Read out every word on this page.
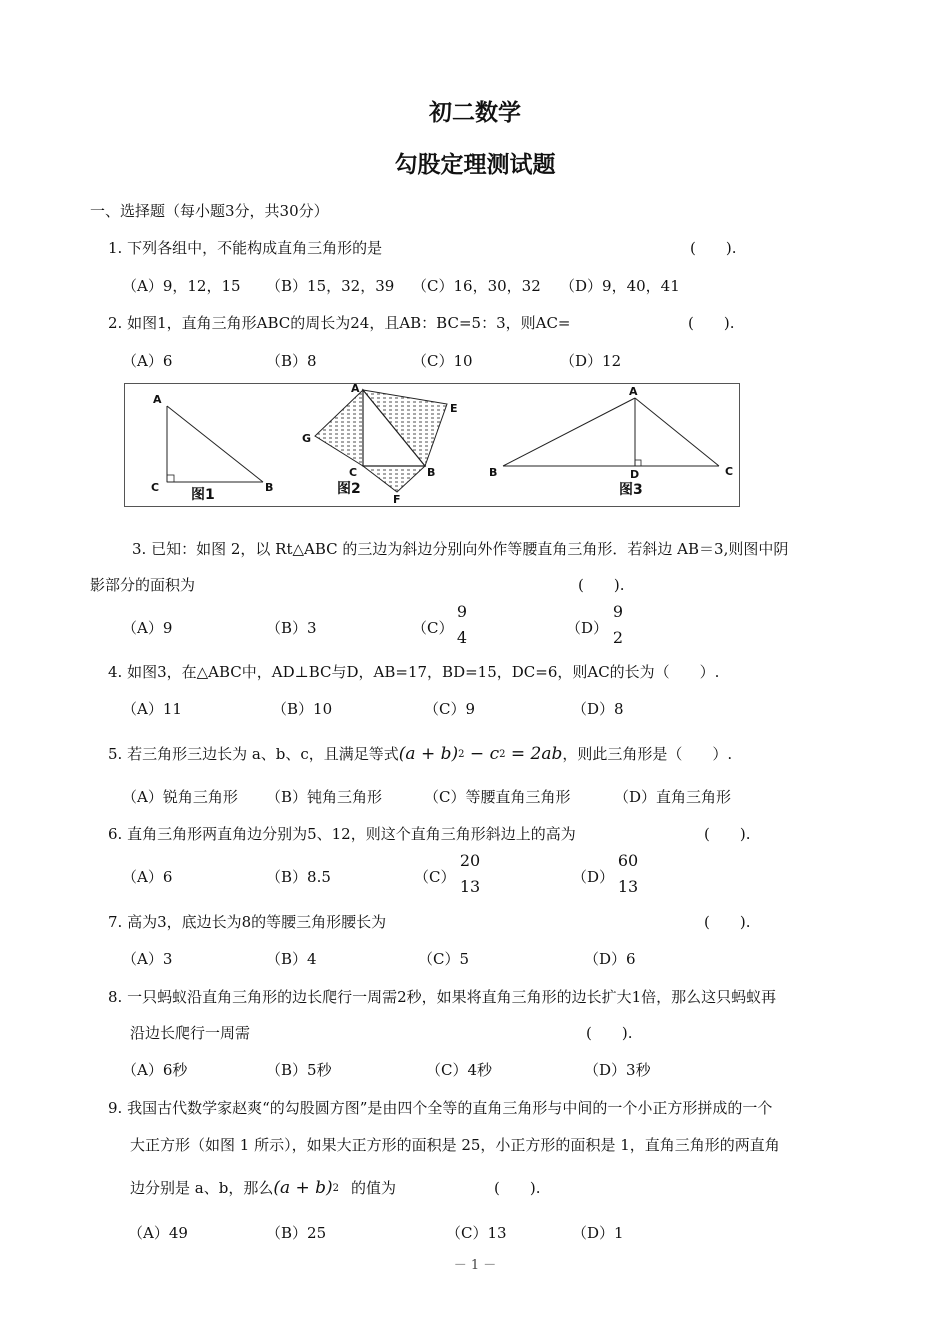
初二数学
勾股定理测试题
一、选择题（每小题3分，共30分）
1. 下列各组中，不能构成直角三角形的是	(　　).
（A）9，12，15 （B）15，32，39 （C）16，30，32 （D）9，40，41
2. 如图1，直角三角形ABC的周长为24，且AB：BC=5：3，则AC=	(　　).
（A）6	（B）8	（C）10	（D）12
A
C	B
图1
A
E
G
C	B
F
图2
A
B	D	C
图3
3. 已知：如图 2，以 Rt△ABC 的三边为斜边分别向外作等腰直角三角形．若斜边 AB＝3,则图中阴
影部分的面积为	(　　).
（A）9	（B）3	（C）
9
4	（D）
9
2
4. 如图3，在△ABC中，AD⊥BC与D，AB=17，BD=15，DC=6，则AC的长为（　　）.
（A）11	（B）10	（C）9	（D）8
5. 若三角形三边长为 a、b、c，且满足等式$(a + b)^2 - c^2 = 2ab$，则此三角形是（　　）.
（A）锐角三角形 （B）钝角三角形	（C）等腰直角三角形	（D）直角三角形
6. 直角三角形两直角边分别为5、12，则这个直角三角形斜边上的高为	(　　).
（A）6	（B）8.5	（C）
20
13	（D）
60
13
7. 高为3，底边长为8的等腰三角形腰长为	(　　).
（A）3	（B）4	（C）5	（D）6
8. 一只蚂蚁沿直角三角形的边长爬行一周需2秒，如果将直角三角形的边长扩大1倍，那么这只蚂蚁再
沿边长爬行一周需	(　　).
（A）6秒	（B）5秒	（C）4秒	（D）3秒
9. 我国古代数学家赵爽“的勾股圆方图”是由四个全等的直角三角形与中间的一个小正方形拼成的一个
大正方形（如图 1 所示），如果大正方形的面积是 25，小正方形的面积是 1，直角三角形的两直角
边分别是 a、b，那么$(a + b)^2$ 的值为	(　　).
（A）49	（B）25	（C）13	（D）1
－ 1 －
